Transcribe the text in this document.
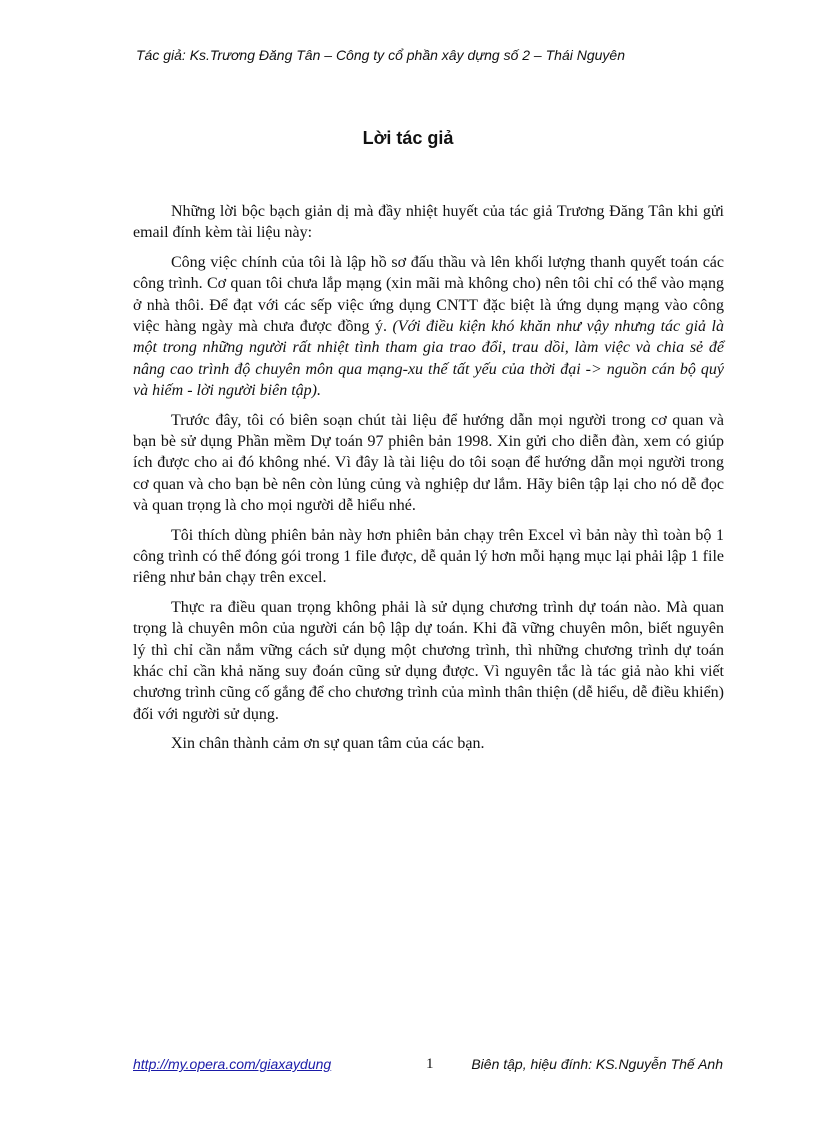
Tác giả: Ks.Trương Đăng Tân – Công ty cổ phần xây dựng số 2 – Thái Nguyên
Lời tác giả

Những lời bộc bạch giản dị mà đầy nhiệt huyết của tác giả Trương Đăng Tân khi gửi email đính kèm tài liệu này:

Công việc chính của tôi là lập hồ sơ đấu thầu và lên khối lượng thanh quyết toán các công trình. Cơ quan tôi chưa lắp mạng (xin mãi mà không cho) nên tôi chỉ có thể vào mạng ở nhà thôi. Để đạt với các sếp việc ứng dụng CNTT đặc biệt là ứng dụng mạng vào công việc hàng ngày mà chưa được đồng ý. (Với điều kiện khó khăn như vậy nhưng tác giả là một trong những người rất nhiệt tình tham gia trao đổi, trau dồi, làm việc và chia sẻ để nâng cao trình độ chuyên môn qua mạng-xu thế tất yếu của thời đại -> nguồn cán bộ quý và hiếm - lời người biên tập).

Trước đây, tôi có biên soạn chút tài liệu để hướng dẫn mọi người trong cơ quan và bạn bè sử dụng Phần mềm Dự toán 97 phiên bản 1998. Xin gửi cho diễn đàn, xem có giúp ích được cho ai đó không nhé. Vì đây là tài liệu do tôi soạn để hướng dẫn mọi người trong cơ quan và cho bạn bè nên còn lủng củng và nghiệp dư lắm. Hãy biên tập lại cho nó dễ đọc và quan trọng là cho mọi người dễ hiểu nhé.

Tôi thích dùng phiên bản này hơn phiên bản chạy trên Excel vì bản này thì toàn bộ 1 công trình có thể đóng gói trong 1 file được, dễ quản lý hơn mỗi hạng mục lại phải lập 1 file riêng như bản chạy trên excel.

Thực ra điều quan trọng không phải là sử dụng chương trình dự toán nào. Mà quan trọng là chuyên môn của người cán bộ lập dự toán. Khi đã vững chuyên môn, biết nguyên lý thì chỉ cần nắm vững cách sử dụng một chương trình, thì những chương trình dự toán khác chỉ cần khả năng suy đoán cũng sử dụng được. Vì nguyên tắc là tác giả nào khi viết chương trình cũng cố gắng để cho chương trình của mình thân thiện (dễ hiểu, dễ điều khiển) đối với người sử dụng.

Xin chân thành cảm ơn sự quan tâm của các bạn.

http://my.opera.com/giaxaydung	1	Biên tập, hiệu đính: KS.Nguyễn Thế Anh
